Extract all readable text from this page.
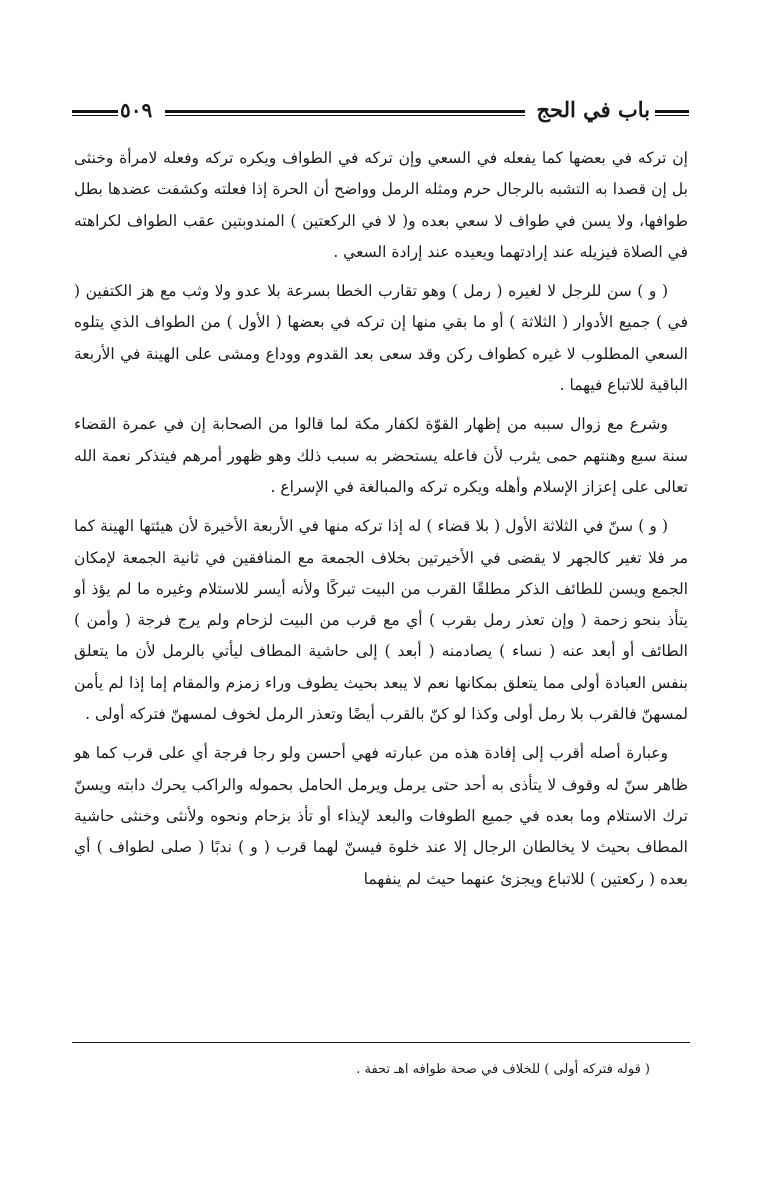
باب في الحج
٥٠٩

إن تركه في بعضها كما يفعله في السعي وإن تركه في الطواف ويكره تركه وفعله لامرأة وخنثى بل إن قصدا به التشبه بالرجال حرم ومثله الرمل وواضح أن الحرة إذا فعلته وكشفت عضدها بطل طوافها، ولا يسن في طواف لا سعي بعده و( لا في الركعتين ) المندوبتين عقب الطواف لكراهته في الصلاة فيزيله عند إرادتهما ويعيده عند إرادة السعي .

( و ) سن للرجل لا لغيره ( رمل ) وهو تقارب الخطا بسرعة بلا عدو ولا وثب مع هز الكتفين ( في ) جميع الأدوار ( الثلاثة ) أو ما بقي منها إن تركه في بعضها ( الأول ) من الطواف الذي يتلوه السعي المطلوب لا غيره كطواف ركن وقد سعى بعد القدوم ووداع ومشى على الهينة في الأربعة الباقية للاتباع فيهما .

وشرع مع زوال سببه من إظهار القوّة لكفار مكة لما قالوا من الصحابة إن في عمرة القضاء سنة سبع وهنتهم حمى يثرب لأن فاعله يستحضر به سبب ذلك وهو ظهور أمرهم فيتذكر نعمة الله تعالى على إعزاز الإسلام وأهله ويكره تركه والمبالغة في الإسراع .

( و ) سنّ في الثلاثة الأول ( بلا قضاء ) له إذا تركه منها في الأربعة الأخيرة لأن هيئتها الهينة كما مر فلا تغير كالجهر لا يقضى في الأخيرتين بخلاف الجمعة مع المنافقين في ثانية الجمعة لإمكان الجمع ويسن للطائف الذكر مطلقًا القرب من البيت تبركًا ولأنه أيسر للاستلام وغيره ما لم يؤذ أو يتأذ بنحو زحمة ( وإن تعذر رمل بقرب ) أي مع قرب من البيت لزحام ولم يرج فرجة ( وأمن ) الطائف أو أبعد عنه ( نساء ) يصادمنه ( أبعد ) إلى حاشية المطاف ليأتي بالرمل لأن ما يتعلق بنفس العبادة أولى مما يتعلق بمكانها نعم لا يبعد بحيث يطوف وراء زمزم والمقام إما إذا لم يأمن لمسهنّ فالقرب بلا رمل أولى وكذا لو كنّ بالقرب أيضًا وتعذر الرمل لخوف لمسهنّ فتركه أولى .

وعبارة أصله أقرب إلى إفادة هذه من عبارته فهي أحسن ولو رجا فرجة أي على قرب كما هو ظاهر سنّ له وقوف لا يتأذى به أحد حتى يرمل ويرمل الحامل بحموله والراكب يحرك دابته ويسنّ ترك الاستلام وما بعده في جميع الطوفات والبعد لإيذاء أو تأذ بزحام ونحوه ولأنثى وخنثى حاشية المطاف بحيث لا يخالطان الرجال إلا عند خلوة فيسنّ لهما قرب ( و ) ندبًا ( صلى لطواف ) أي بعده ( ركعتين ) للاتباع ويجزئ عنهما حيث لم ينفهما

( قوله فتركه أولى ) للخلاف في صحة طوافه اهـ تحفة .
